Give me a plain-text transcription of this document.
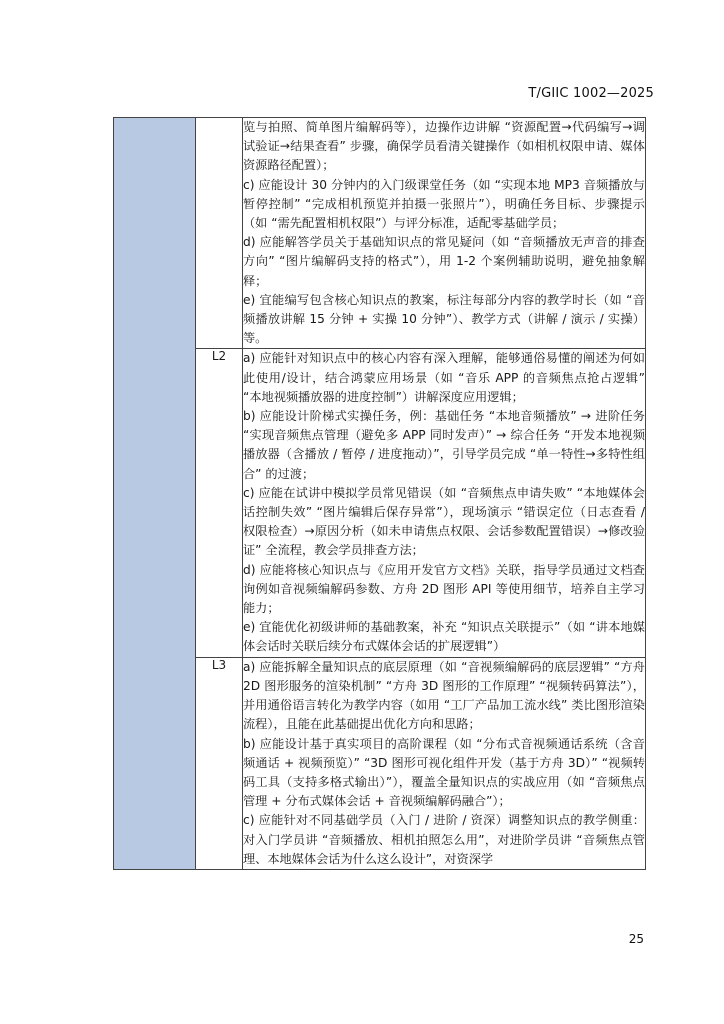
T/GIIC 1002—2025

		览与拍照、简单图片编解码等），边操作边讲解 “资源配置→代码编写→调试验证→结果查看” 步骤，确保学员看清关键操作（如相机权限申请、媒体资源路径配置）；

c) 应能设计 30 分钟内的入门级课堂任务（如 “实现本地 MP3 音频播放与暂停控制” “完成相机预览并拍摄一张照片”），明确任务目标、步骤提示（如 “需先配置相机权限”）与评分标准，适配零基础学员；

d) 应能解答学员关于基础知识点的常见疑问（如 “音频播放无声音的排查方向” “图片编解码支持的格式”），用 1-2 个案例辅助说明，避免抽象解释；

e) 宜能编写包含核心知识点的教案，标注每部分内容的教学时长（如 “音频播放讲解 15 分钟 + 实操 10 分钟”）、教学方式（讲解 / 演示 / 实操）等。

	L2	a) 应能针对知识点中的核心内容有深入理解，能够通俗易懂的阐述为何如此使用/设计，结合鸿蒙应用场景（如 “音乐 APP 的音频焦点抢占逻辑” “本地视频播放器的进度控制”）讲解深度应用逻辑；

b) 应能设计阶梯式实操任务，例：基础任务 “本地音频播放” → 进阶任务 “实现音频焦点管理（避免多 APP 同时发声）” → 综合任务 “开发本地视频播放器（含播放 / 暂停 / 进度拖动）”，引导学员完成 “单一特性→多特性组合” 的过渡；

c) 应能在试讲中模拟学员常见错误（如 “音频焦点申请失败” “本地媒体会话控制失效” “图片编辑后保存异常”），现场演示 “错误定位（日志查看 / 权限检查）→原因分析（如未申请焦点权限、会话参数配置错误）→修改验证” 全流程，教会学员排查方法；

d) 应能将核心知识点与《应用开发官方文档》关联，指导学员通过文档查询例如音视频编解码参数、方舟 2D 图形 API 等使用细节，培养自主学习能力；

e) 宜能优化初级讲师的基础教案，补充 “知识点关联提示”（如 “讲本地媒体会话时关联后续分布式媒体会话的扩展逻辑”）

	L3	a) 应能拆解全量知识点的底层原理（如 “音视频编解码的底层逻辑” “方舟 2D 图形服务的渲染机制” “方舟 3D 图形的工作原理” “视频转码算法”），并用通俗语言转化为教学内容（如用 “工厂产品加工流水线” 类比图形渲染流程），且能在此基础提出优化方向和思路；

b) 应能设计基于真实项目的高阶课程（如 “分布式音视频通话系统（含音频通话 + 视频预览）” “3D 图形可视化组件开发（基于方舟 3D）” “视频转码工具（支持多格式输出）”），覆盖全量知识点的实战应用（如 “音频焦点管理 + 分布式媒体会话 + 音视频编解码融合”）；

c) 应能针对不同基础学员（入门 / 进阶 / 资深）调整知识点的教学侧重：对入门学员讲 “音频播放、相机拍照怎么用”，对进阶学员讲 “音频焦点管理、本地媒体会话为什么这么设计”，对资深学

25
